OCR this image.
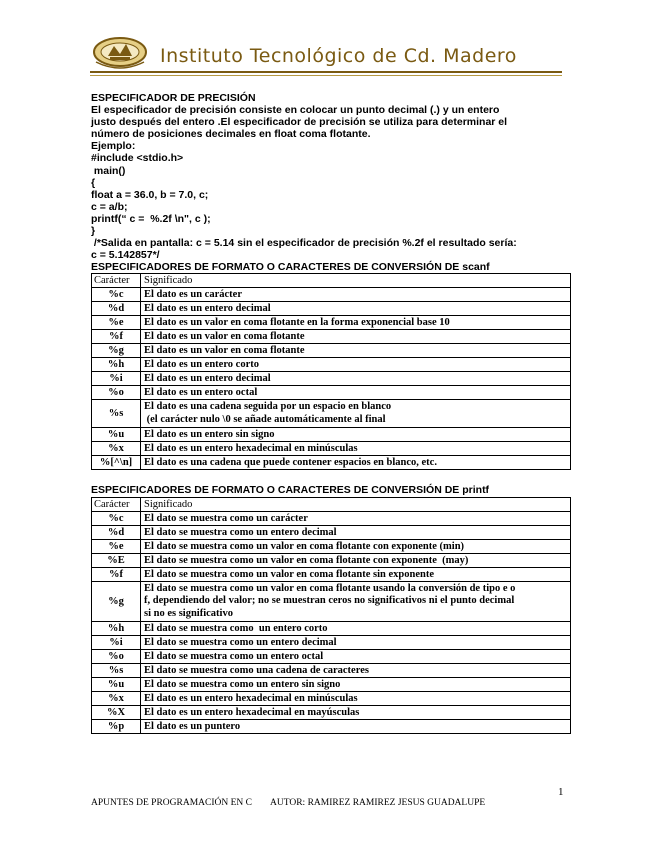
Instituto Tecnológico de Cd. Madero
ESPECIFICADOR DE PRECISIÓN
El especificador de precisión consiste en colocar un punto decimal (.) y un entero
justo después del entero .El especificador de precisión se utiliza para determinar el
número de posiciones decimales en float coma flotante.
Ejemplo:
#include <stdio.h>
main()
{
float a = 36.0, b = 7.0, c;
c = a/b;
printf(“ c =  %.2f \n", c );
}
/*Salida en pantalla: c = 5.14 sin el especificador de precisión %.2f el resultado sería:
c = 5.142857*/
ESPECIFICADORES DE FORMATO O CARACTERES DE CONVERSIÓN DE scanf
Carácter	Significado
%c	El dato es un carácter

%d	El dato es un entero decimal

%e	El dato es un valor en coma flotante en la forma exponencial base 10

%f	El dato es un valor en coma flotante

%g	El dato es un valor en coma flotante

%h	El dato es un entero corto

%i	El dato es un entero decimal

%o	El dato es un entero octal

%s	El dato es una cadena seguida por un espacio en blanco
(el carácter nulo \0 se añade automáticamente al final

%u	El dato es un entero sin signo

%x	El dato es un entero hexadecimal en minúsculas

%[^\n]	El dato es una cadena que puede contener espacios en blanco, etc.
ESPECIFICADORES DE FORMATO O CARACTERES DE CONVERSIÓN DE printf
Carácter	Significado
%c	El dato se muestra como un carácter

%d	El dato se muestra como un entero decimal

%e	El dato se muestra como un valor en coma flotante con exponente (min)

%E	El dato se muestra como un valor en coma flotante con exponente  (may)

%f	El dato se muestra como un valor en coma flotante sin exponente

%g	El dato se muestra como un valor en coma flotante usando la conversión de tipo e o
f, dependiendo del valor; no se muestran ceros no significativos ni el punto decimal
si no es significativo

%h	El dato se muestra como  un entero corto

%i	El dato se muestra como un entero decimal

%o	El dato se muestra como un entero octal

%s	El dato se muestra como una cadena de caracteres

%u	El dato se muestra como un entero sin signo

%x	El dato es un entero hexadecimal en minúsculas

%X	El dato es un entero hexadecimal en mayúsculas

%p	El dato es un puntero
1
APUNTES DE PROGRAMACIÓN EN C AUTOR: RAMIREZ RAMIREZ JESUS GUADALUPE
